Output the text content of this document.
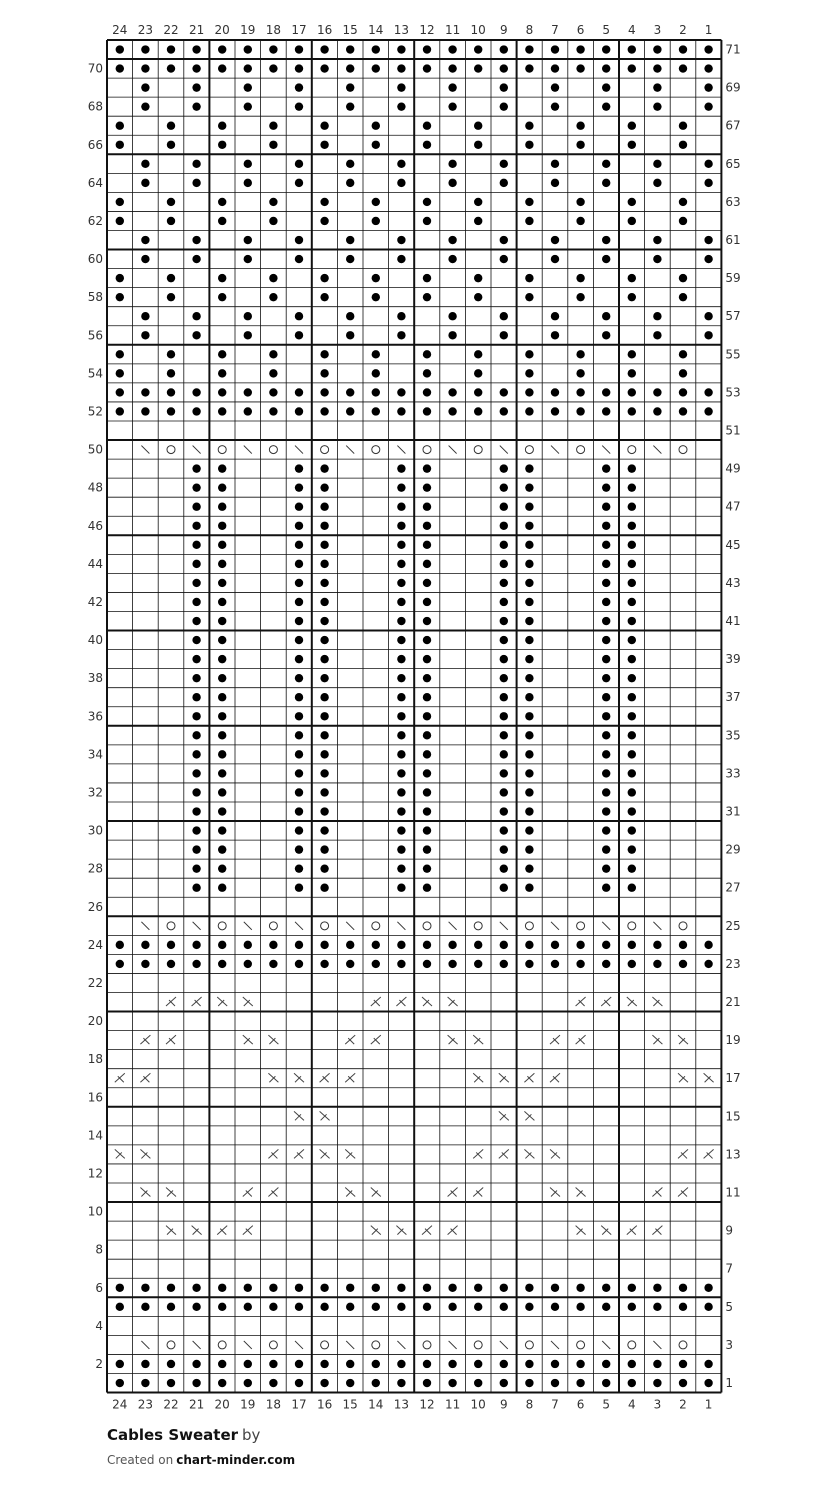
24
24
23
23
22
22
21
21
20
20
19
19
18
18
17
17
16
16
15
15
14
14
13
13
12
12
11
11
10
10
9
9
8
8
7
7
6
6
5
5
4
4
3
3
2
2
1
1
1
2
3
4
5
6
7
8
9
10
11
12
13
14
15
16
17
18
19
20
21
22
23
24
25
26
27
28
29
30
31
32
33
34
35
36
37
38
39
40
41
42
43
44
45
46
47
48
49
50
51
52
53
54
55
56
57
58
59
60
61
62
63
64
65
66
67
68
69
70
71
Cables Sweater by
Created on chart-minder.com
